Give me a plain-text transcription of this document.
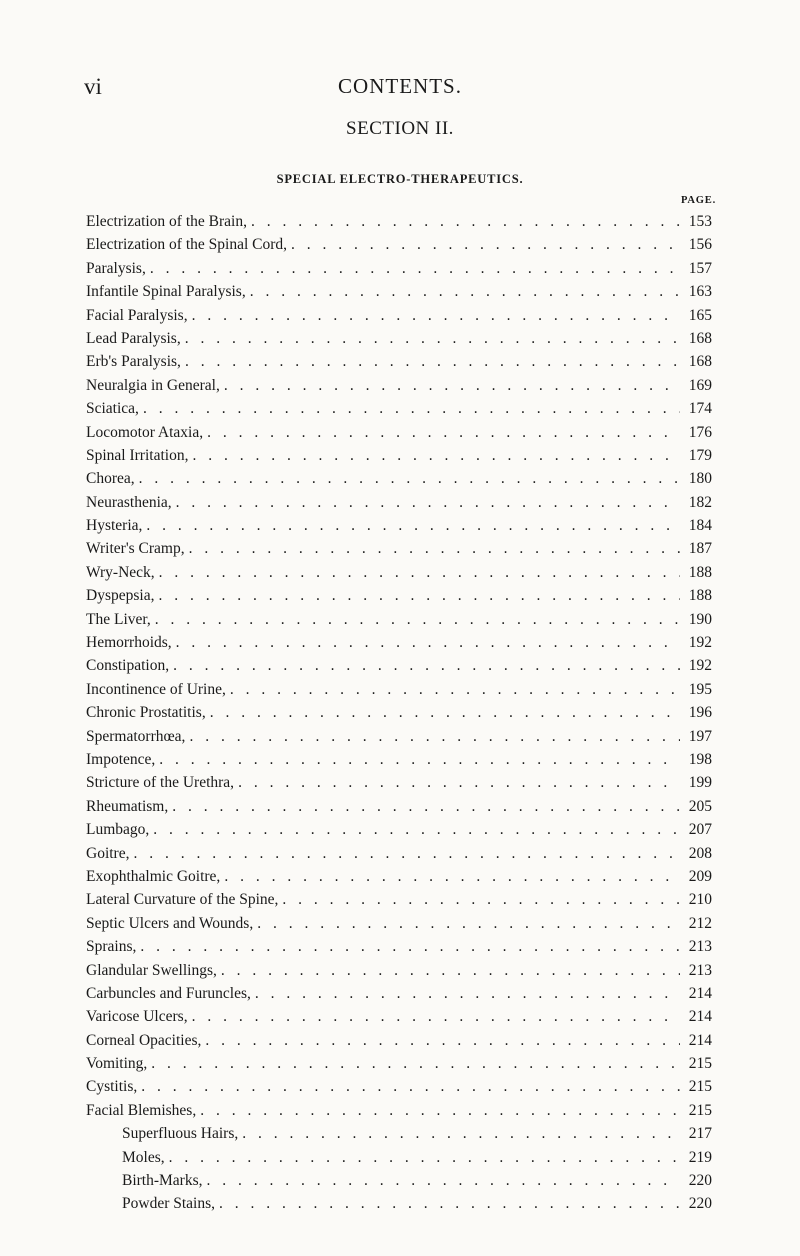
vi	CONTENTS.
SECTION II.
SPECIAL ELECTRO-THERAPEUTICS.
PAGE.
Electrization of the Brain, . . .	153
Electrization of the Spinal Cord, . . .	156
Paralysis, . . .	157
Infantile Spinal Paralysis, . . .	163
Facial Paralysis, . . .	165
Lead Paralysis, . . .	168
Erb's Paralysis, . . .	168
Neuralgia in General, . . .	169
Sciatica, . . .	174
Locomotor Ataxia, . . .	176
Spinal Irritation, . . .	179
Chorea, . . .	180
Neurasthenia, . . .	182
Hysteria, . . .	184
Writer's Cramp, . . .	187
Wry-Neck, . . .	188
Dyspepsia, . . .	188
The Liver, . . .	190
Hemorrhoids, . . .	192
Constipation, . . .	192
Incontinence of Urine, . . .	195
Chronic Prostatitis, . . .	196
Spermatorrhœa, . . .	197
Impotence, . . .	198
Stricture of the Urethra, . . .	199
Rheumatism, . . .	205
Lumbago, . . .	207
Goitre, . . .	208
Exophthalmic Goitre, . . .	209
Lateral Curvature of the Spine, . . .	210
Septic Ulcers and Wounds, . . .	212
Sprains, . . .	213
Glandular Swellings, . . .	213
Carbuncles and Furuncles, . . .	214
Varicose Ulcers, . . .	214
Corneal Opacities, . . .	214
Vomiting, . . .	215
Cystitis, . . .	215
Facial Blemishes, . . .	215
Superfluous Hairs, . . .	217
Moles, . . .	219
Birth-Marks, . . .	220
Powder Stains, . . .	220
